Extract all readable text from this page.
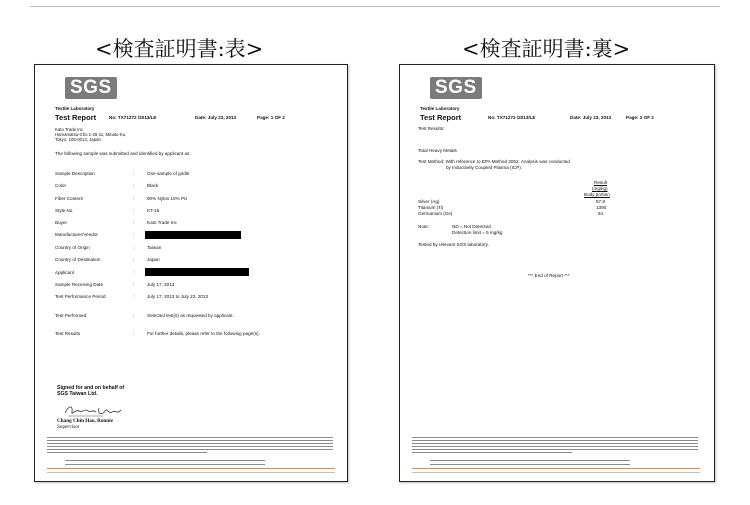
<検査証明書:表>	<検査証明書:裏>
SGS
Textile Laboratory
Test Report	No: TX71272 /2013/LE	Date: July 23, 2013	Page: 1 OF 2
Kato Trade Inc
Hamamatsu-Cho 1-25-11, Minato-Ku,
Tokyo, 105-0013, Japan
The following sample was submitted and identified by applicant as:
Sample Description	:	One sample of girdle
Color	:	Black
Fiber Content	:	90% Nylon 10% PU
Style No.	:	KT-15
Buyer	:	Kato Trade Inc
Manufacturer/Vendor	:
Country of Origin	:	Taiwan
Country of Destination	:	Japan
Applicant	:
Sample Receiving Date	:	July 17, 2013
Test Performance Period	:	July 17, 2013 to July 23, 2013
Test Performed	:	Selected test(s) as requested by applicant.
Test Results	:	For further details, please refer to the following page(s).
Signed for and on behalf of
SGS Taiwan Ltd.
Chang Chin Hao, Ronnie
Supervisor
SGS
Textile Laboratory
Test Report	No: TX71272 /2013/LE	Date: July 23, 2013	Page: 2 OF 2
Test Results:
Total Heavy Metals
Test Method: With reference to EPA Method 3052. Analysis was conducted
by Inductively Coupled Plasma (ICP).
Result
(mg/kg)
Body portion
Silver (Ag)	57.9
Titanium (Ti)	1390
Germanium (Ge)	64
Note:	ND = Not Detected
Detection limit = 5 mg/kg
Tested by relevant SGS laboratory.
*** End of Report ***
